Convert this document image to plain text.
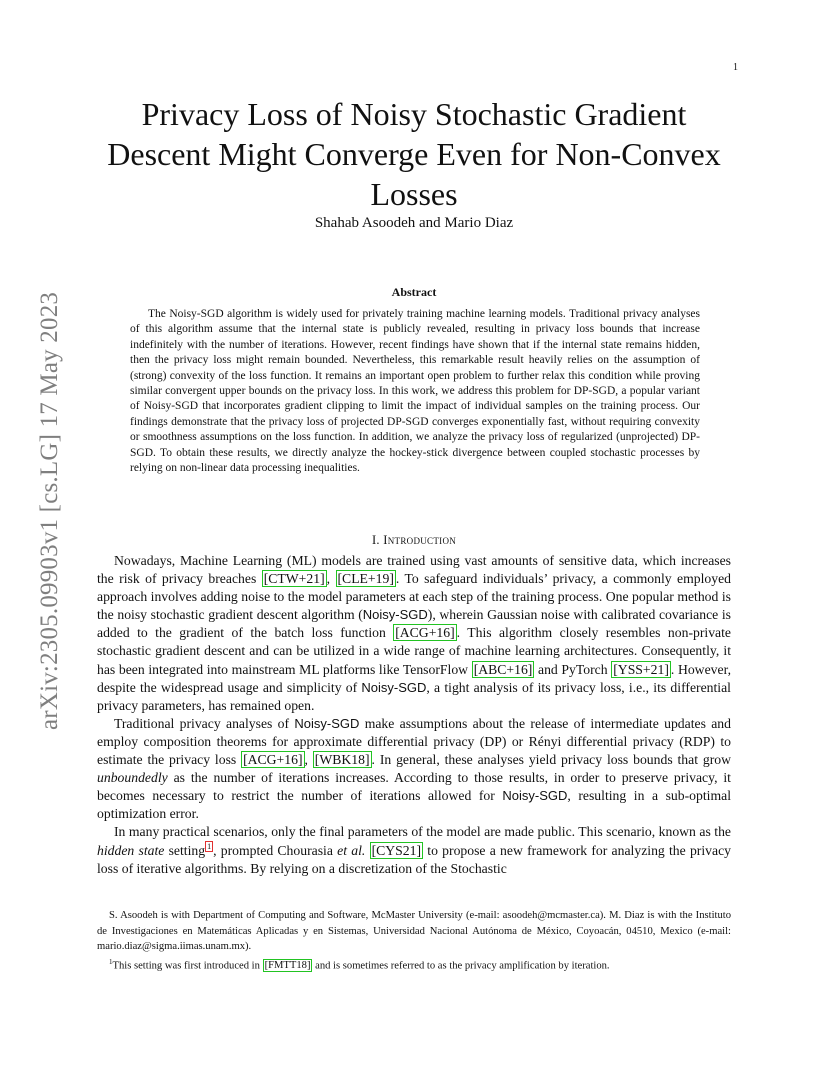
1
arXiv:2305.09903v1 [cs.LG] 17 May 2023
Privacy Loss of Noisy Stochastic Gradient
Descent Might Converge Even for Non-Convex
Losses
Shahab Asoodeh and Mario Diaz
Abstract

The Noisy-SGD algorithm is widely used for privately training machine learning models. Traditional privacy analyses of this algorithm assume that the internal state is publicly revealed, resulting in privacy loss bounds that increase indefinitely with the number of iterations. However, recent findings have shown that if the internal state remains hidden, then the privacy loss might remain bounded. Nevertheless, this remarkable result heavily relies on the assumption of (strong) convexity of the loss function. It remains an important open problem to further relax this condition while proving similar convergent upper bounds on the privacy loss. In this work, we address this problem for DP-SGD, a popular variant of Noisy-SGD that incorporates gradient clipping to limit the impact of individual samples on the training process. Our findings demonstrate that the privacy loss of projected DP-SGD converges exponentially fast, without requiring convexity or smoothness assumptions on the loss function. In addition, we analyze the privacy loss of regularized (unprojected) DP-SGD. To obtain these results, we directly analyze the hockey-stick divergence between coupled stochastic processes by relying on non-linear data processing inequalities.

I. Introduction

Nowadays, Machine Learning (ML) models are trained using vast amounts of sensitive data, which increases the risk of privacy breaches [CTW+21] , [CLE+19] . To safeguard individuals’ privacy, a commonly employed approach involves adding noise to the model parameters at each step of the training process. One popular method is the noisy stochastic gradient descent algorithm (Noisy-SGD), wherein Gaussian noise with calibrated covariance is added to the gradient of the batch loss function [ACG+16] . This algorithm closely resembles non-private stochastic gradient descent and can be utilized in a wide range of machine learning architectures. Consequently, it has been integrated into mainstream ML platforms like TensorFlow [ABC+16] and PyTorch [YSS+21] . However, despite the widespread usage and simplicity of Noisy-SGD, a tight analysis of its privacy loss, i.e., its differential privacy parameters, has remained open.

Traditional privacy analyses of Noisy-SGD make assumptions about the release of intermediate updates and employ composition theorems for approximate differential privacy (DP) or Rényi differential privacy (RDP) to estimate the privacy loss [ACG+16] , [WBK18] . In general, these analyses yield privacy loss bounds that grow unboundedly as the number of iterations increases. According to those results, in order to preserve privacy, it becomes necessary to restrict the number of iterations allowed for Noisy-SGD, resulting in a sub-optimal optimization error.

In many practical scenarios, only the final parameters of the model are made public. This scenario, known as the hidden state setting $^1$ , prompted Chourasia et al. [CYS21] to propose a new framework for analyzing the privacy loss of iterative algorithms. By relying on a discretization of the Stochastic

S. Asoodeh is with Department of Computing and Software, McMaster University (e-mail: asoodeh@mcmaster.ca). M. Diaz is with the Instituto de Investigaciones en Matemáticas Aplicadas y en Sistemas, Universidad Nacional Autónoma de México, Coyoacán, 04510, Mexico (e-mail: mario.diaz@sigma.iimas.unam.mx).

$^1$This setting was first introduced in [FMTT18] and is sometimes referred to as the privacy amplification by iteration.
